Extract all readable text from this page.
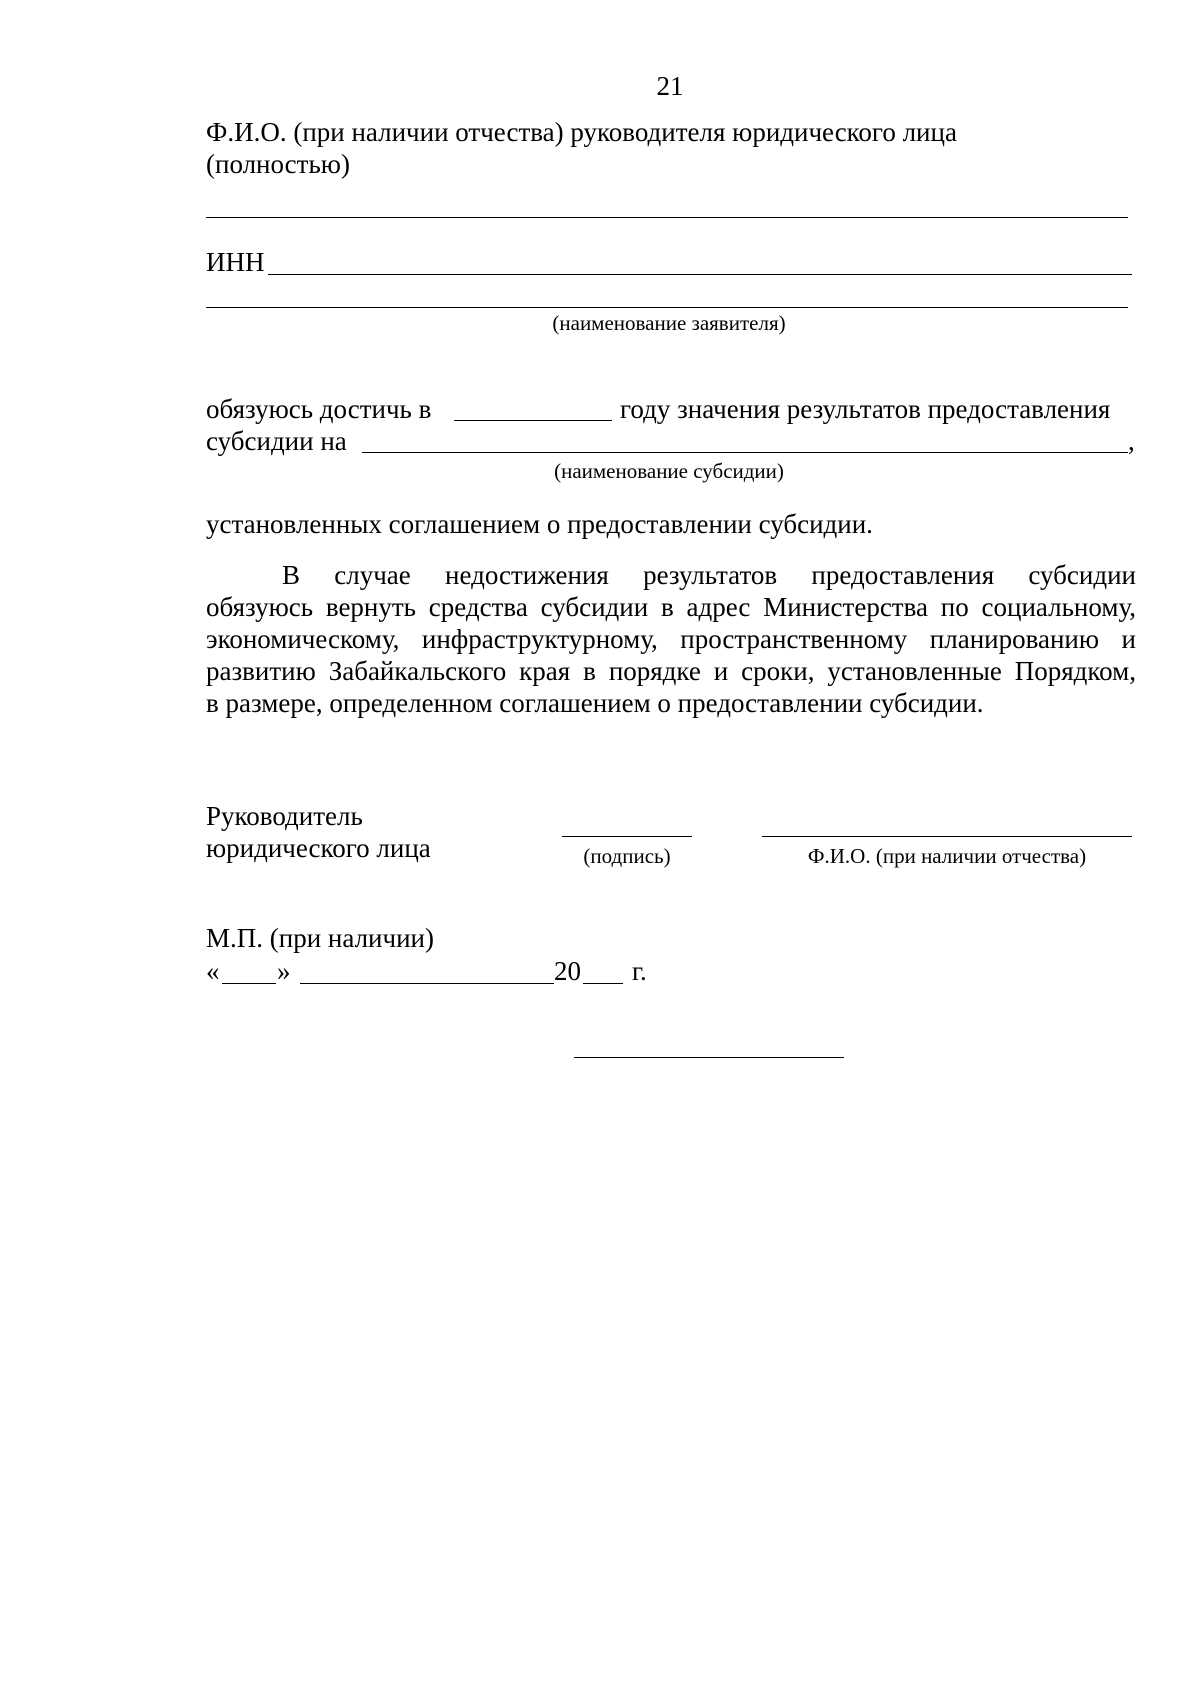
21
Ф.И.О. (при наличии отчества) руководителя юридического лица
(полностью)
ИНН
(наименование заявителя)
обязуюсь достичь в	году значения результатов предоставления
субсидии на	,
(наименование субсидии)
установленных соглашением о предоставлении субсидии.
В случае недостижения результатов предоставления субсидии
обязуюсь вернуть средства субсидии в адрес Министерства по социальному,
экономическому, инфраструктурному, пространственному планированию и
развитию Забайкальского края в порядке и сроки, установленные Порядком,
в размере, определенном соглашением о предоставлении субсидии.
Руководитель
юридического лица	(подпись)	Ф.И.О. (при наличии отчества)
М.П. (при наличии)
« »	20 г.
